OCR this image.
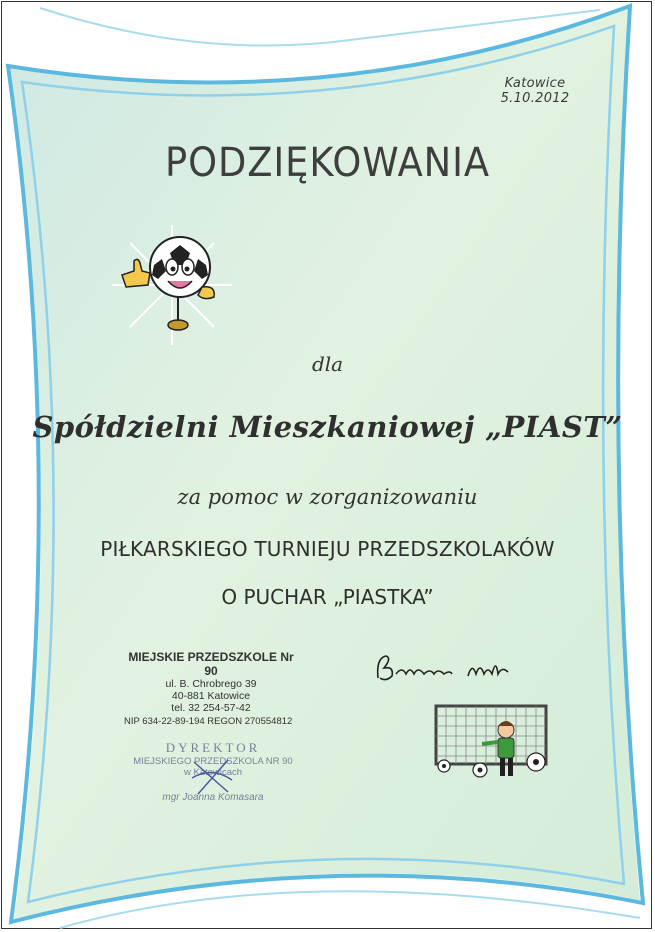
Katowice 5.10.2012
PODZIĘKOWANIA
dla
Spółdzielni Mieszkaniowej „PIAST”
za pomoc w zorganizowaniu
PIŁKARSKIEGO TURNIEJU PRZEDSZKOLAKÓW
O PUCHAR „PIASTKA”
MIEJSKIE PRZEDSZKOLE Nr 90
ul. B. Chrobrego 39
40-881 Katowice
tel. 32 254-57-42
NIP 634-22-89-194 REGON 270554812
DYREKTOR
MIEJSKIEGO PRZEDSZKOLA NR 90
w Katowicach
mgr Joanna Komasara
